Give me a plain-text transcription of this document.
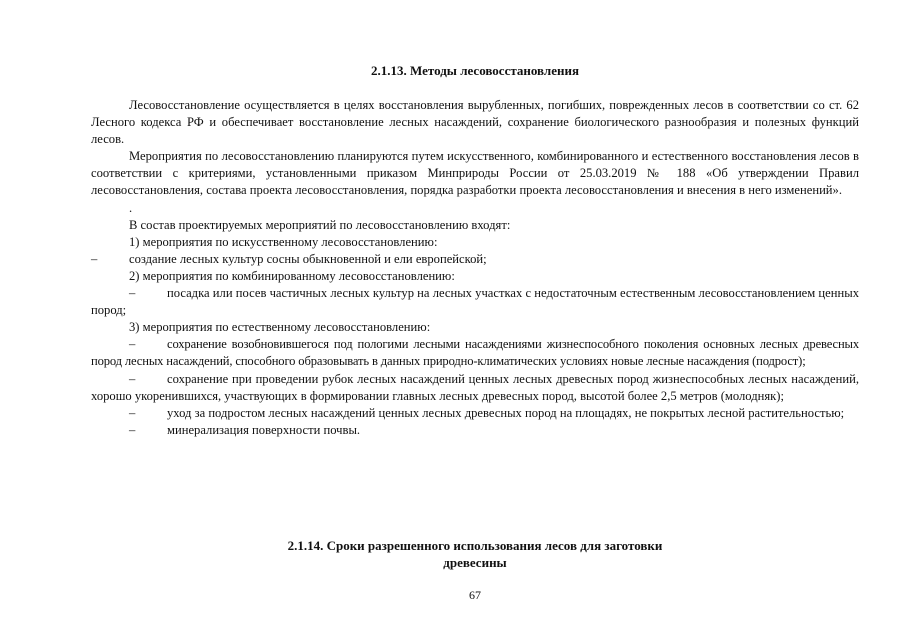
2.1.13. Методы лесовосстановления

Лесовосстановление осуществляется в целях восстановления вырубленных, погибших, поврежденных лесов в соответствии со ст. 62 Лесного кодекса РФ и обеспечивает восстановление лесных насаждений, сохранение биологического разнообразия и полезных функций лесов.

Мероприятия по лесовосстановлению планируются путем искусственного, комбинированного и естественного восстановления лесов в соответствии с критериями, установленными приказом Минприроды России от 25.03.2019 № 188 «Об утверждении Правил лесовосстановления, состава проекта лесовосстановления, порядка разработки проекта лесовосстановления и внесения в него изменений».

.

В состав проектируемых мероприятий по лесовосстановлению входят:

1) мероприятия по искусственному лесовосстановлению:

–	создание лесных культур сосны обыкновенной и ели европейской;

2) мероприятия по комбинированному лесовосстановлению:

–	посадка или посев частичных лесных культур на лесных участках с недостаточным естественным лесовосстановлением ценных пород;

3) мероприятия по естественному лесовосстановлению:

–	сохранение возобновившегося под пологими лесными насаждениями жизнеспособного поколения основных лесных древесных пород лесных насаждений, способного образовывать в данных природно-климатических условиях новые лесные насаждения (подрост);

–	сохранение при проведении рубок лесных насаждений ценных лесных древесных пород жизнеспособных лесных насаждений, хорошо укоренившихся, участвующих в формировании главных лесных древесных пород, высотой более 2,5 метров (молодняк);

–	уход за подростом лесных насаждений ценных лесных древесных пород на площадях, не покрытых лесной растительностью;

–	минерализация поверхности почвы.

2.1.14. Сроки разрешенного использования лесов для заготовки
древесины
67
